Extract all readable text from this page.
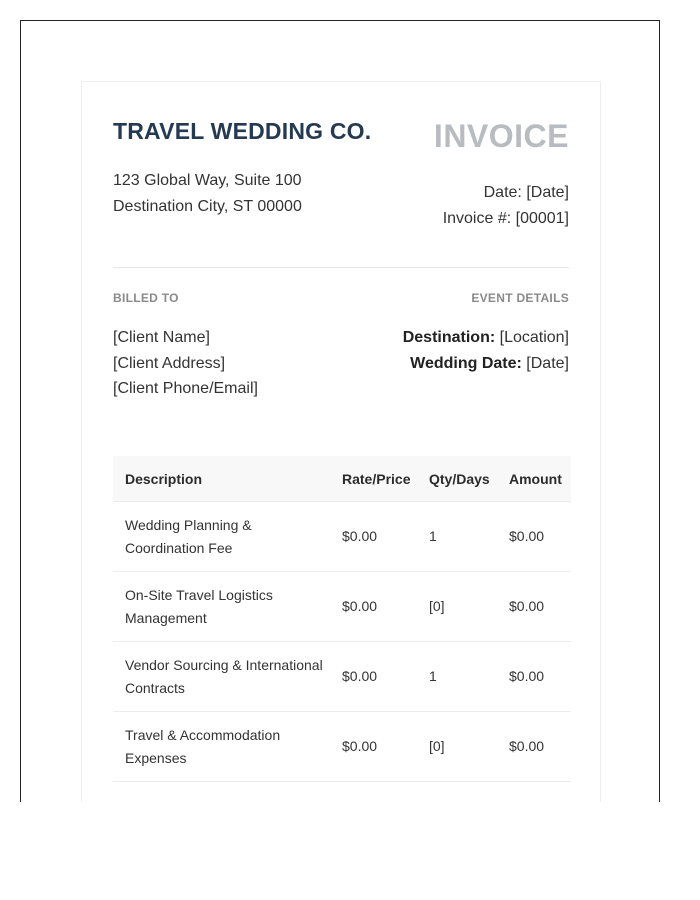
TRAVEL WEDDING CO.
123 Global Way, Suite 100
Destination City, ST 00000
INVOICE
Date: [Date]
Invoice #: [00001]
BILLED TO	EVENT DETAILS
[Client Name]
[Client Address]
[Client Phone/Email]
Destination: [Location]
Wedding Date: [Date]
Description	Rate/Price	Qty/Days	Amount
Wedding Planning & Coordination Fee	$0.00	1	$0.00
On-Site Travel Logistics Management	$0.00	[0]	$0.00
Vendor Sourcing & International Contracts	$0.00	1	$0.00
Travel & Accommodation Expenses	$0.00	[0]	$0.00
